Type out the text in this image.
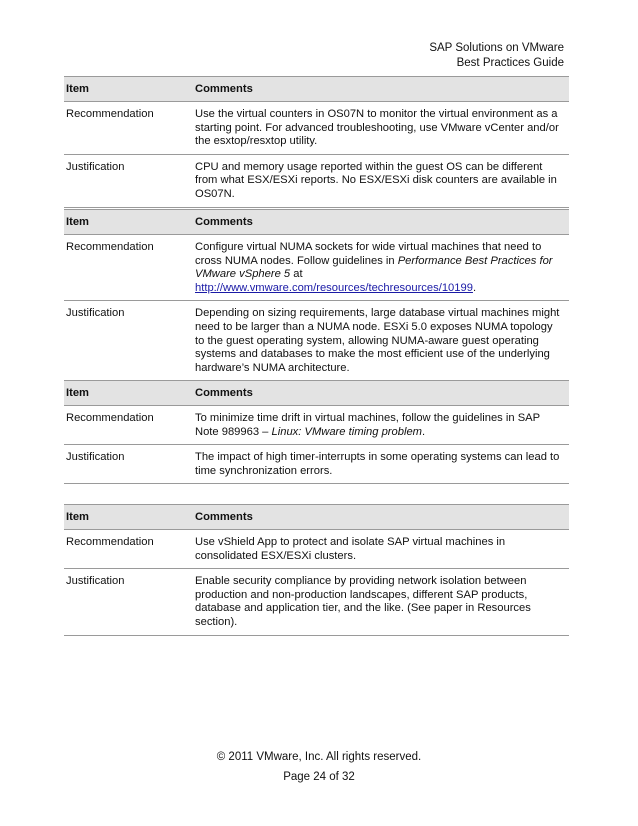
SAP Solutions on VMware
Best Practices Guide
Item	Comments
Recommendation	Use the virtual counters in OS07N to monitor the virtual environment as a starting point. For advanced troubleshooting, use VMware vCenter and/or the esxtop/resxtop utility.
Justification	CPU and memory usage reported within the guest OS can be different from what ESX/ESXi reports. No ESX/ESXi disk counters are available in OS07N.
Item	Comments
Recommendation	Configure virtual NUMA sockets for wide virtual machines that need to cross NUMA nodes. Follow guidelines in Performance Best Practices for VMware vSphere 5 at http://www.vmware.com/resources/techresources/10199.
Justification	Depending on sizing requirements, large database virtual machines might need to be larger than a NUMA node. ESXi 5.0 exposes NUMA topology to the guest operating system, allowing NUMA-aware guest operating systems and databases to make the most efficient use of the underlying hardware’s NUMA architecture.
Item	Comments
Recommendation	To minimize time drift in virtual machines, follow the guidelines in SAP Note 989963 – Linux: VMware timing problem.
Justification	The impact of high timer-interrupts in some operating systems can lead to time synchronization errors.
Item	Comments
Recommendation	Use vShield App to protect and isolate SAP virtual machines in consolidated ESX/ESXi clusters.
Justification	Enable security compliance by providing network isolation between production and non-production landscapes, different SAP products, database and application tier, and the like. (See paper in Resources section).
© 2011 VMware, Inc. All rights reserved.
Page 24 of 32
